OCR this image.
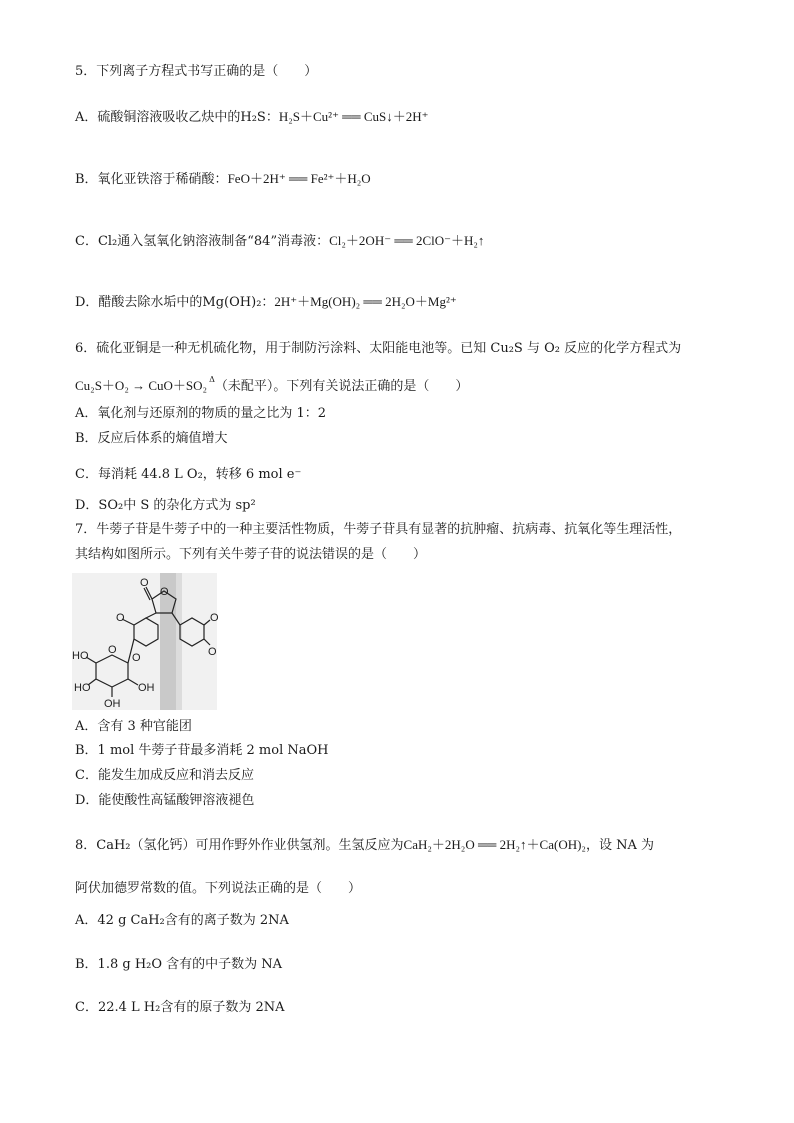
5．下列离子方程式书写正确的是（　　）
A．硫酸铜溶液吸收乙炔中的H₂S：H₂S＋Cu²⁺ ══ CuS↓＋2H⁺
B．氧化亚铁溶于稀硝酸：FeO＋2H⁺ ══ Fe²⁺＋H₂O
C．Cl₂通入氢氧化钠溶液制备“84”消毒液：Cl₂＋2OH⁻ ══ 2ClO⁻＋H₂↑
D．醋酸去除水垢中的Mg(OH)₂：2H⁺＋Mg(OH)₂ ══ 2H₂O＋Mg²⁺
6．硫化亚铜是一种无机硫化物，用于制防污涂料、太阳能电池等。已知 Cu₂S 与 O₂ 反应的化学方程式为
Cu₂S＋O₂ → CuO＋SO₂ $^\Delta$（未配平）。下列有关说法正确的是（　　）
A．氧化剂与还原剂的物质的量之比为 1：2
B．反应后体系的熵值增大
C．每消耗 44.8 L O₂，转移 6 mol e⁻
D．SO₂中 S 的杂化方式为 sp²
7．牛蒡子苷是牛蒡子中的一种主要活性物质，牛蒡子苷具有显著的抗肿瘤、抗病毒、抗氧化等生理活性，
其结构如图所示。下列有关牛蒡子苷的说法错误的是（　　）
O
O
O
O
O
HO O
O
HO
OH
OH
A．含有 3 种官能团
B．1 mol 牛蒡子苷最多消耗 2 mol NaOH
C．能发生加成反应和消去反应
D．能使酸性高锰酸钾溶液褪色
8．CaH₂（氢化钙）可用作野外作业供氢剂。生氢反应为CaH₂＋2H₂O ══ 2H₂↑＋Ca(OH)₂，设 NA 为
阿伏加德罗常数的值。下列说法正确的是（　　）
A．42 g CaH₂含有的离子数为 2NA
B．1.8 g H₂O 含有的中子数为 NA
C．22.4 L H₂含有的原子数为 2NA
